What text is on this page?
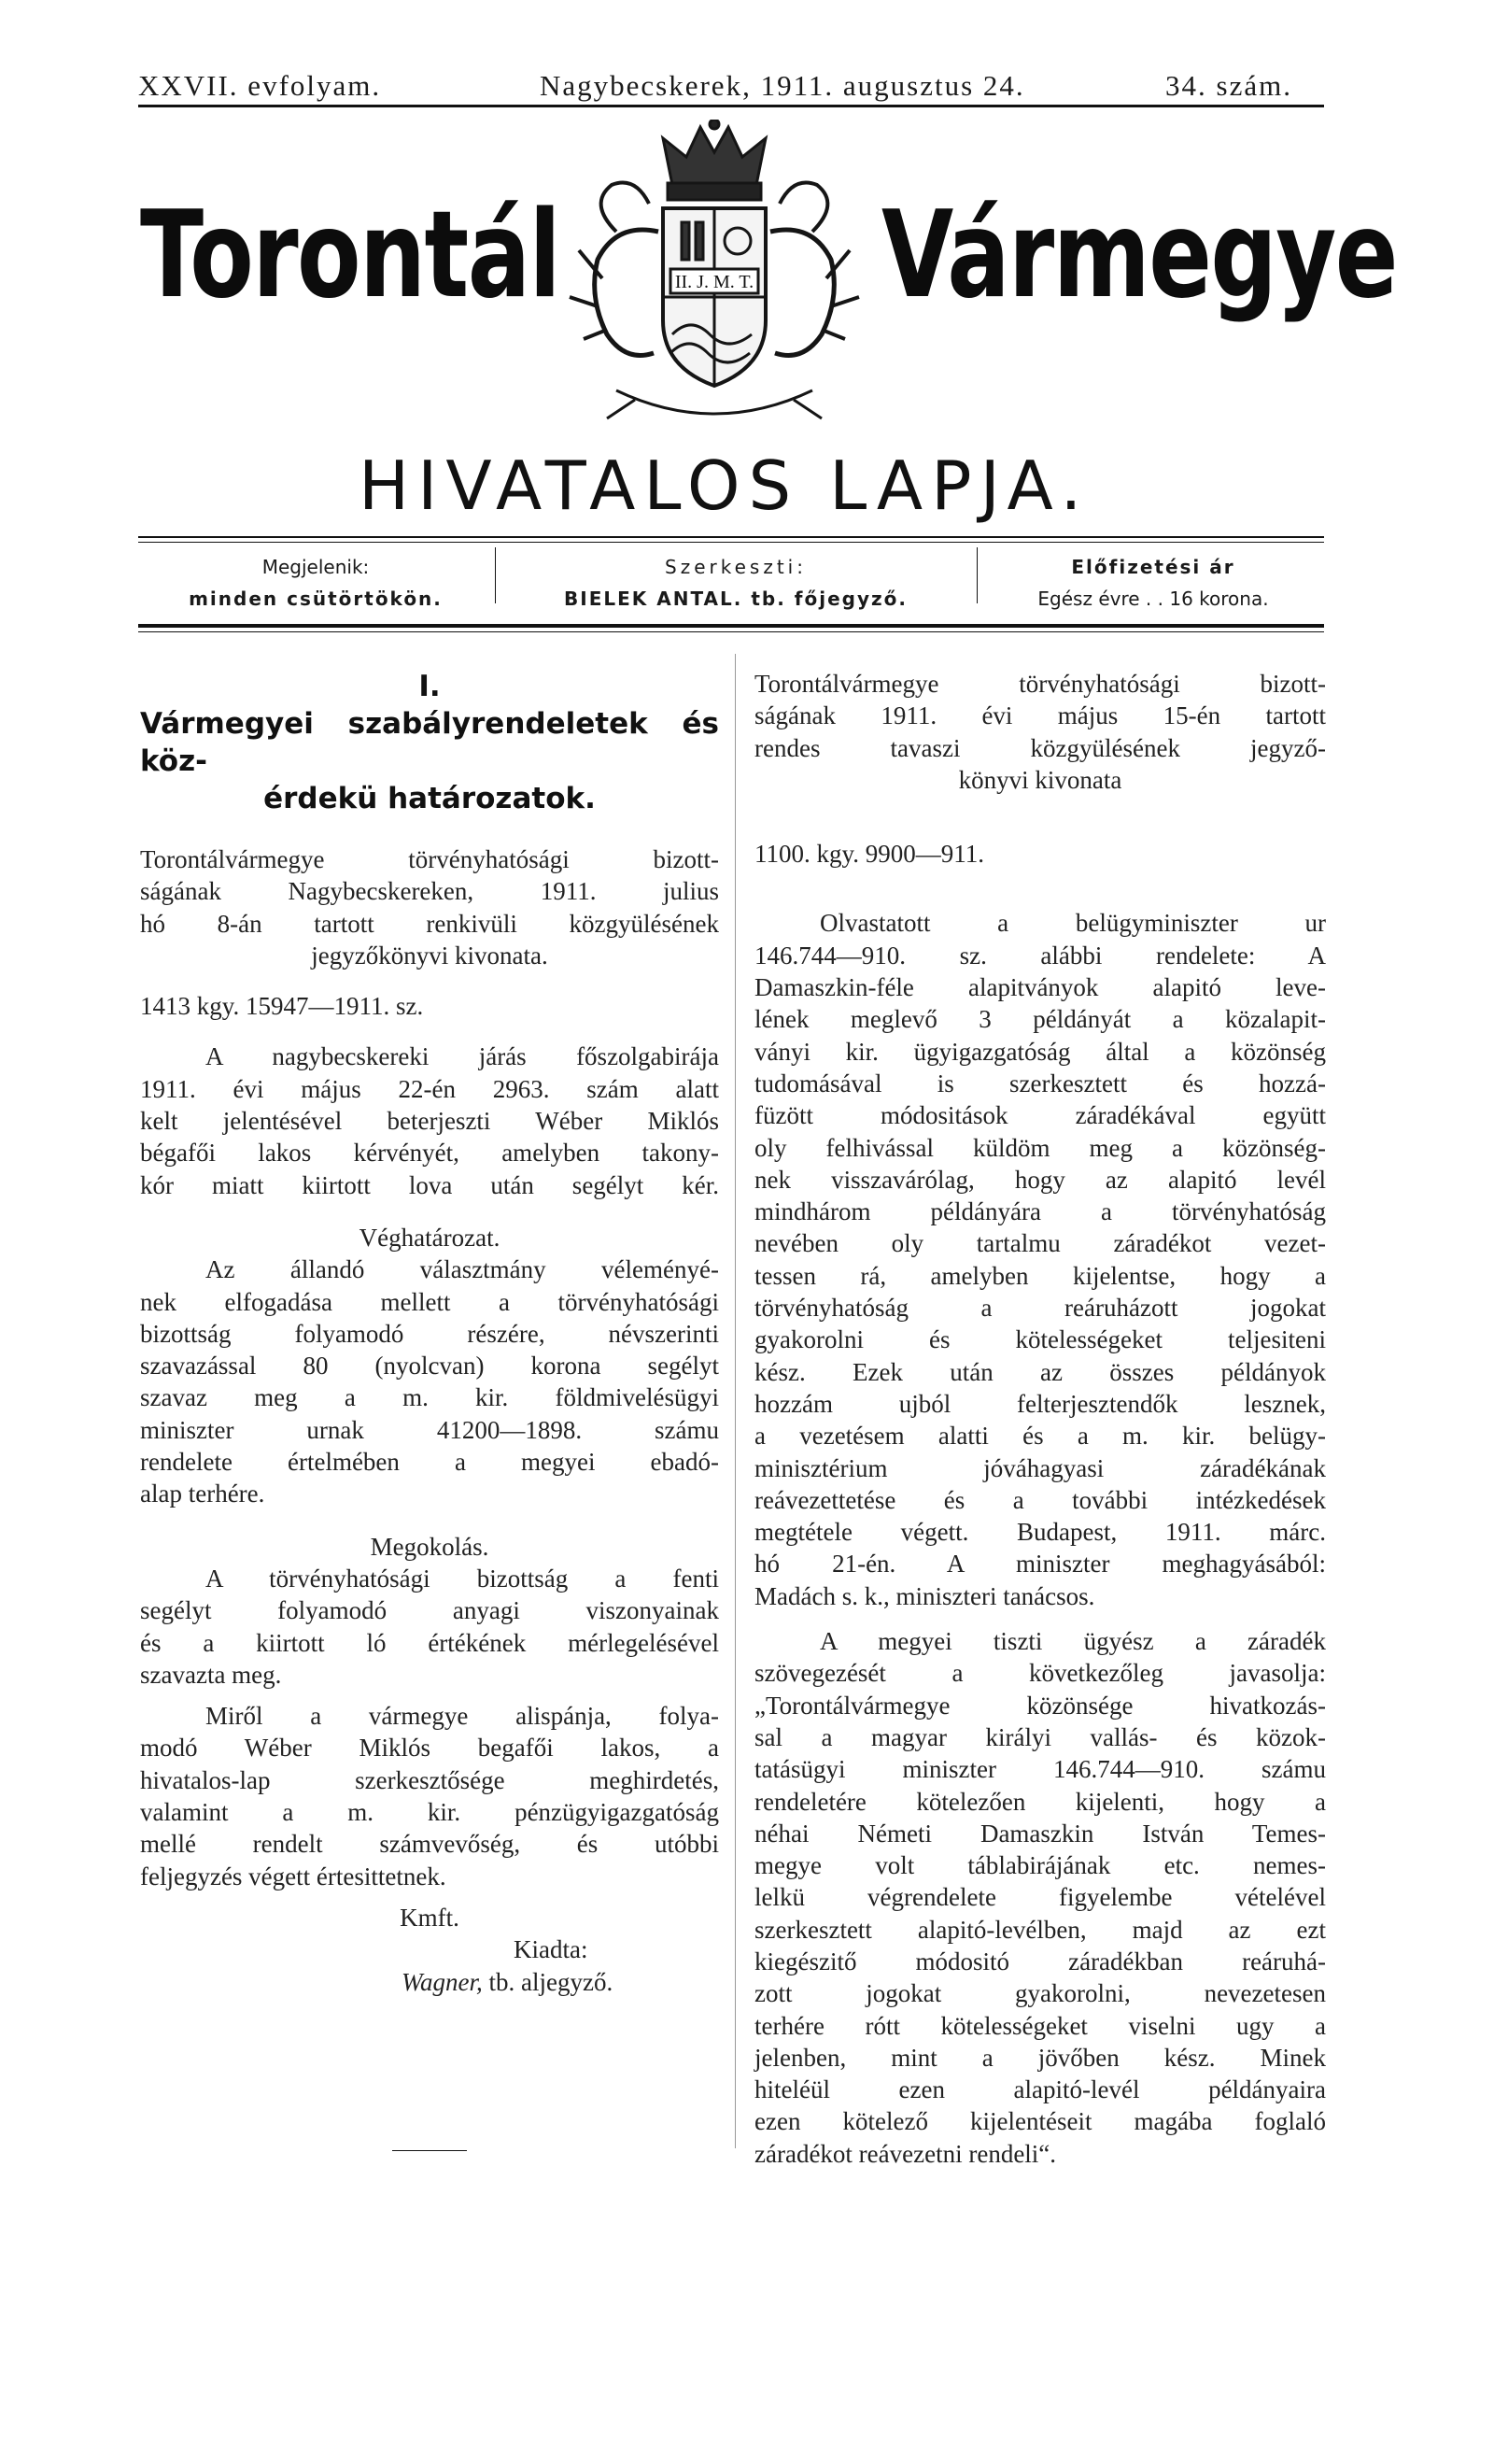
XXVII. evfolyam.	Nagybecskerek, 1911. augusztus 24.	34. szám.
Torontál	Vármegye
II. J. M. T.
HIVATALOS LAPJA.
Megjelenik:
minden csütörtökön.
Szerkeszti:
BIELEK ANTAL. tb. főjegyző.
Előfizetési ár
Egész évre . . 16 korona.

I.

Vármegyei szabályrendeletek és köz-

érdekü határozatok.

Torontálvármegye törvényhatósági bizott-

ságának Nagybecskereken, 1911. julius

hó 8-án tartott renkivüli közgyülésének

jegyzőkönyvi kivonata.

1413 kgy. 15947—1911. sz.

A nagybecskereki járás főszolgabirája

1911. évi május 22-én 2963. szám alatt

kelt jelentésével beterjeszti Wéber Miklós

bégafői lakos kérvényét, amelyben takony-

kór miatt kiirtott lova után segélyt kér.

Véghatározat.

Az állandó választmány véleményé-

nek elfogadása mellett a törvényhatósági

bizottság folyamodó részére, névszerinti

szavazással 80 (nyolcvan) korona segélyt

szavaz meg a m. kir. földmivelésügyi

miniszter urnak 41200—1898. számu

rendelete értelmében a megyei ebadó-

alap terhére.

Megokolás.

A törvényhatósági bizottság a fenti

segélyt folyamodó anyagi viszonyainak

és a kiirtott ló értékének mérlegelésével

szavazta meg.

Miről a vármegye alispánja, folya-

modó Wéber Miklós begafői lakos, a

hivatalos-lap szerkesztősége meghirdetés,

valamint a m. kir. pénzügyigazgatóság

mellé rendelt számvevőség, és utóbbi

feljegyzés végett értesittetnek.

Kmft.

Kiadta:

Wagner, tb. aljegyző.

Torontálvármegye törvényhatósági bizott-

ságának 1911. évi május 15-én tartott

rendes tavaszi közgyülésének jegyző-

könyvi kivonata

1100. kgy. 9900—911.

Olvastatott a belügyminiszter ur

146.744—910. sz. alábbi rendelete: A

Damaszkin-féle alapitványok alapitó leve-

lének meglevő 3 példányát a közalapit-

ványi kir. ügyigazgatóság által a közönség

tudomásával is szerkesztett és hozzá-

füzött módositások záradékával együtt

oly felhivással küldöm meg a közönség-

nek visszavárólag, hogy az alapitó levél

mindhárom példányára a törvényhatóság

nevében oly tartalmu záradékot vezet-

tessen rá, amelyben kijelentse, hogy a

törvényhatóság a reáruházott jogokat

gyakorolni és kötelességeket teljesiteni

kész. Ezek után az összes példányok

hozzám ujból felterjesztendők lesznek,

a vezetésem alatti és a m. kir. belügy-

minisztérium jóváhagyasi záradékának

reávezettetése és a további intézkedések

megtétele végett. Budapest, 1911. márc.

hó 21-én. A miniszter meghagyásából:

Madách s. k., miniszteri tanácsos.

A megyei tiszti ügyész a záradék

szövegezését a következőleg javasolja:

„Torontálvármegye közönsége hivatkozás-

sal a magyar királyi vallás- és közok-

tatásügyi miniszter 146.744—910. számu

rendeletére kötelezően kijelenti, hogy a

néhai Németi Damaszkin István Temes-

megye volt táblabirájának etc. nemes-

lelkü végrendelete figyelembe vételével

szerkesztett alapitó-levélben, majd az ezt

kiegészitő módositó záradékban reáruhá-

zott jogokat gyakorolni, nevezetesen

terhére rótt kötelességeket viselni ugy a

jelenben, mint a jövőben kész. Minek

hiteléül ezen alapitó-levél példányaira

ezen kötelező kijelentéseit magába foglaló

záradékot reávezetni rendeli“.
